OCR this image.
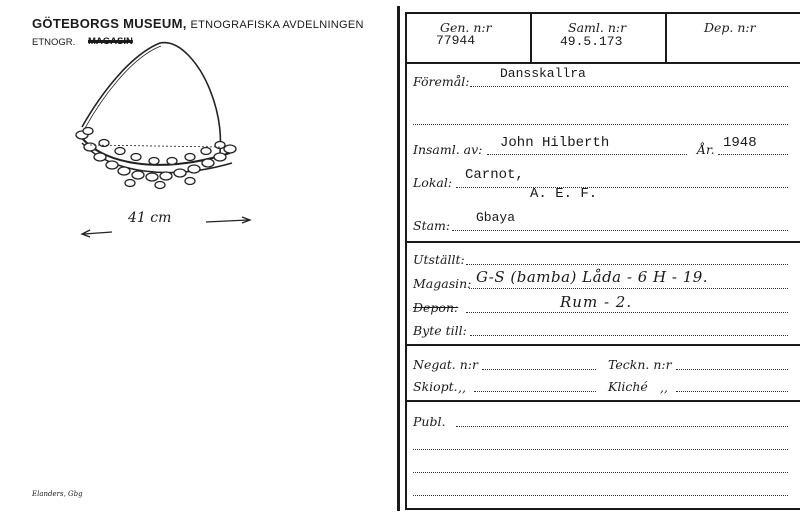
GÖTEBORGS MUSEUM, ETNOGRAFISKA AVDELNINGEN
ETNOGR. MAGASIN
41 cm
Elanders, Gbg
Gen. n:r
77944
Saml. n:r
49.5.173
Dep. n:r
Föremål:
Dansskallra
Insaml. av: John Hilberth	År. 1948
Lokal: Carnot,
A. E. F.
Stam:
Gbaya
Utställt:
Magasin: G-S (bamba) Låda - 6 H - 19.
Depon:	Rum - 2.
Byte till:
Negat. n:r	Teckn. n:r
Skiopt. ,,	Kliché ,,
Publ.
